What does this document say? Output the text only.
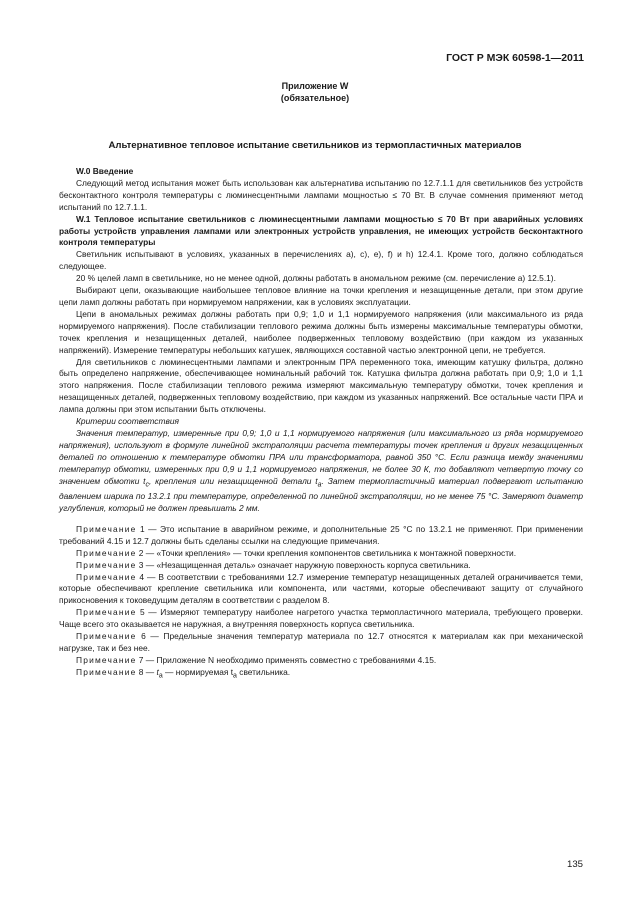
ГОСТ Р МЭК 60598-1—2011
Приложение W
(обязательное)
Альтернативное тепловое испытание светильников из термопластичных материалов

W.0 Введение

Следующий метод испытания может быть использован как альтернатива испытанию по 12.7.1.1 для светильников без устройств бесконтактного контроля температуры с люминесцентными лампами мощностью ≤ 70 Вт. В случае сомнения применяют метод испытаний по 12.7.1.1.

W.1 Тепловое испытание светильников с люминесцентными лампами мощностью ≤ 70 Вт при аварийных условиях работы устройств управления лампами или электронных устройств управления, не имеющих устройств бесконтактного контроля температуры

Светильник испытывают в условиях, указанных в перечислениях a), c), e), f) и h) 12.4.1. Кроме того, должно соблюдаться следующее.

20 % целей ламп в светильнике, но не менее одной, должны работать в аномальном режиме (см. перечисление a) 12.5.1).

Выбирают цепи, оказывающие наибольшее тепловое влияние на точки крепления и незащищенные детали, при этом другие цепи ламп должны работать при нормируемом напряжении, как в условиях эксплуатации.

Цепи в аномальных режимах должны работать при 0,9; 1,0 и 1,1 нормируемого напряжения (или максимального из ряда нормируемого напряжения). После стабилизации теплового режима должны быть измерены максимальные температуры обмотки, точек крепления и незащищенных деталей, наиболее подверженных тепловому воздействию (при каждом из указанных напряжений). Измерение температуры небольших катушек, являющихся составной частью электронной цепи, не требуется.

Для светильников с люминесцентными лампами и электронным ПРА переменного тока, имеющим катушку фильтра, должно быть определено напряжение, обеспечивающее номинальный рабочий ток. Катушка фильтра должна работать при 0,9; 1,0 и 1,1 этого напряжения. После стабилизации теплового режима измеряют максимальную температуру обмотки, точек крепления и незащищенных деталей, подверженных тепловому воздействию, при каждом из указанных напряжений. Все остальные части ПРА и лампа должны при этом испытании быть отключены.

Критерии соответствия

Значения температур, измеренные при 0,9; 1,0 и 1,1 нормируемого напряжения (или максимального из ряда нормируемого напряжения), используют в формуле линейной экстраполяции расчета температуры точек крепления и других незащищенных деталей по отношению к температуре обмотки ПРА или трансформатора, равной 350 °С. Если разница между значениями температур обмотки, измеренных при 0,9 и 1,1 нормируемого напряжения, не более 30 К, то добавляют четвертую точку со значением обмотки $t_c$, крепления или незащищенной детали $t_a$. Затем термопластичный материал подвергают испытанию давлением шарика по 13.2.1 при температуре, определенной по линейной экстраполяции, но не менее 75 °С. Замеряют диаметр углубления, который не должен превышать 2 мм.

Примечание 1 — Это испытание в аварийном режиме, и дополнительные 25 °С по 13.2.1 не применяют. При применении требований 4.15 и 12.7 должны быть сделаны ссылки на следующие примечания.

Примечание 2 — «Точки крепления» — точки крепления компонентов светильника к монтажной поверхности.

Примечание 3 — «Незащищенная деталь» означает наружную поверхность корпуса светильника.

Примечание 4 — В соответствии с требованиями 12.7 измерение температур незащищенных деталей ограничивается теми, которые обеспечивают крепление светильника или компонента, или частями, которые обеспечивают защиту от случайного прикосновения к токоведущим деталям в соответствии с разделом 8.

Примечание 5 — Измеряют температуру наиболее нагретого участка термопластичного материала, требующего проверки. Чаще всего это оказывается не наружная, а внутренняя поверхность корпуса светильника.

Примечание 6 — Предельные значения температур материала по 12.7 относятся к материалам как при механической нагрузке, так и без нее.

Примечание 7 — Приложение N необходимо применять совместно с требованиями 4.15.

Примечание 8 — $t_a$ — нормируемая $t_a$ светильника.

135
